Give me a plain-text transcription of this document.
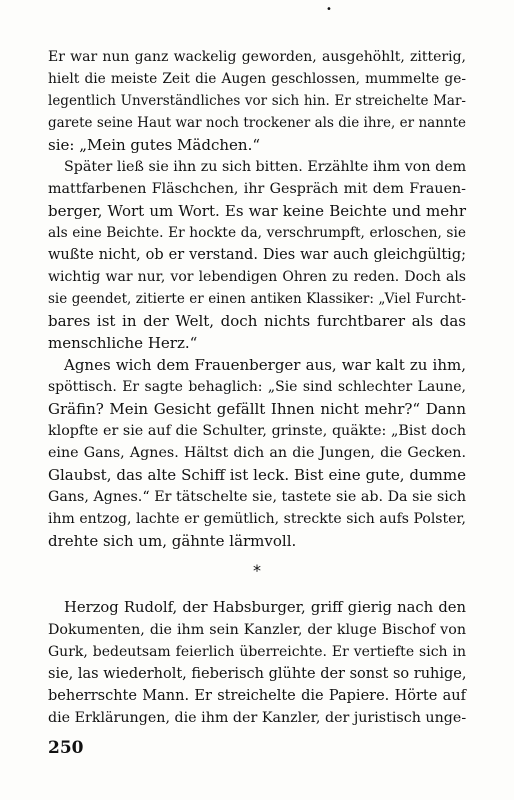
•
Er war nun ganz wackelig geworden, ausgehöhlt, zitterig,
hielt die meiste Zeit die Augen geschlossen, mummelte ge-
legentlich Unverständliches vor sich hin. Er streichelte Mar-
garete seine Haut war noch trockener als die ihre, er nannte
sie: „Mein gutes Mädchen.“
Später ließ sie ihn zu sich bitten. Erzählte ihm von dem
mattfarbenen Fläschchen, ihr Gespräch mit dem Frauen-
berger, Wort um Wort. Es war keine Beichte und mehr
als eine Beichte. Er hockte da, verschrumpft, erloschen, sie
wußte nicht, ob er verstand. Dies war auch gleichgültig;
wichtig war nur, vor lebendigen Ohren zu reden. Doch als
sie geendet, zitierte er einen antiken Klassiker: „Viel Furcht-
bares ist in der Welt, doch nichts furchtbarer als das
menschliche Herz.“
Agnes wich dem Frauenberger aus, war kalt zu ihm,
spöttisch. Er sagte behaglich: „Sie sind schlechter Laune,
Gräfin? Mein Gesicht gefällt Ihnen nicht mehr?“ Dann
klopfte er sie auf die Schulter, grinste, quäkte: „Bist doch
eine Gans, Agnes. Hältst dich an die Jungen, die Gecken.
Glaubst, das alte Schiff ist leck. Bist eine gute, dumme
Gans, Agnes.“ Er tätschelte sie, tastete sie ab. Da sie sich
ihm entzog, lachte er gemütlich, streckte sich aufs Polster,
drehte sich um, gähnte lärmvoll.
*
Herzog Rudolf, der Habsburger, griff gierig nach den
Dokumenten, die ihm sein Kanzler, der kluge Bischof von
Gurk, bedeutsam feierlich überreichte. Er vertiefte sich in
sie, las wiederholt, fieberisch glühte der sonst so ruhige,
beherrschte Mann. Er streichelte die Papiere. Hörte auf
die Erklärungen, die ihm der Kanzler, der juristisch unge-
250
